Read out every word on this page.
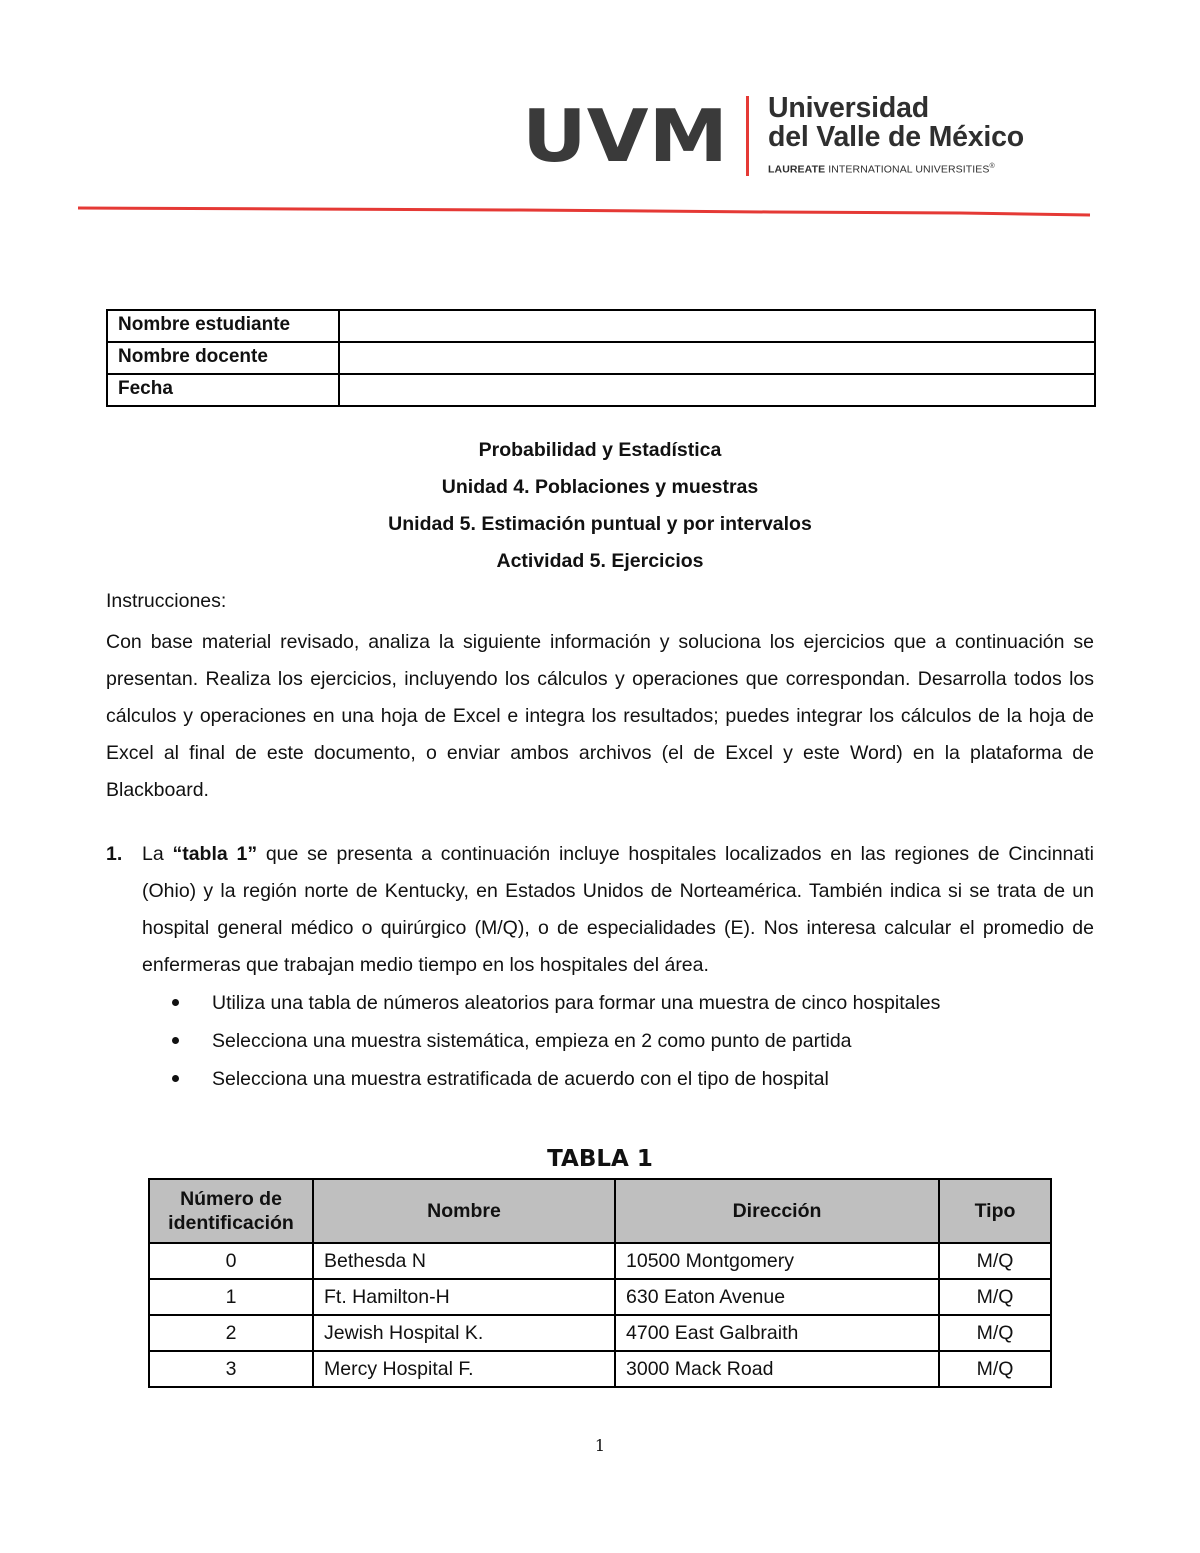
UVM Universidad
del Valle de México
LAUREATE INTERNATIONAL UNIVERSITIES®
Nombre estudiante	
Nombre docente	
Fecha	
Probabilidad y Estadística
Unidad 4. Poblaciones y muestras
Unidad 5. Estimación puntual y por intervalos
Actividad 5. Ejercicios
Instrucciones:
Con base material revisado, analiza la siguiente información y soluciona los ejercicios que a continuación se presentan. Realiza los ejercicios, incluyendo los cálculos y operaciones que correspondan. Desarrolla todos los cálculos y operaciones en una hoja de Excel e integra los resultados; puedes integrar los cálculos de la hoja de Excel al final de este documento, o enviar ambos archivos (el de Excel y este Word) en la plataforma de Blackboard.
1. La “tabla 1” que se presenta a continuación incluye hospitales localizados en las regiones de Cincinnati (Ohio) y la región norte de Kentucky, en Estados Unidos de Norteamérica. También indica si se trata de un hospital general médico o quirúrgico (M/Q), o de especialidades (E). Nos interesa calcular el promedio de enfermeras que trabajan medio tiempo en los hospitales del área.
Utiliza una tabla de números aleatorios para formar una muestra de cinco hospitales
Selecciona una muestra sistemática, empieza en 2 como punto de partida
Selecciona una muestra estratificada de acuerdo con el tipo de hospital
TABLA 1
Número de identificación	Nombre	Dirección	Tipo
0	Bethesda N	10500 Montgomery	M/Q
1	Ft. Hamilton-H	630 Eaton Avenue	M/Q
2	Jewish Hospital K.	4700 East Galbraith	M/Q
3	Mercy Hospital F.	3000 Mack Road	M/Q
1
